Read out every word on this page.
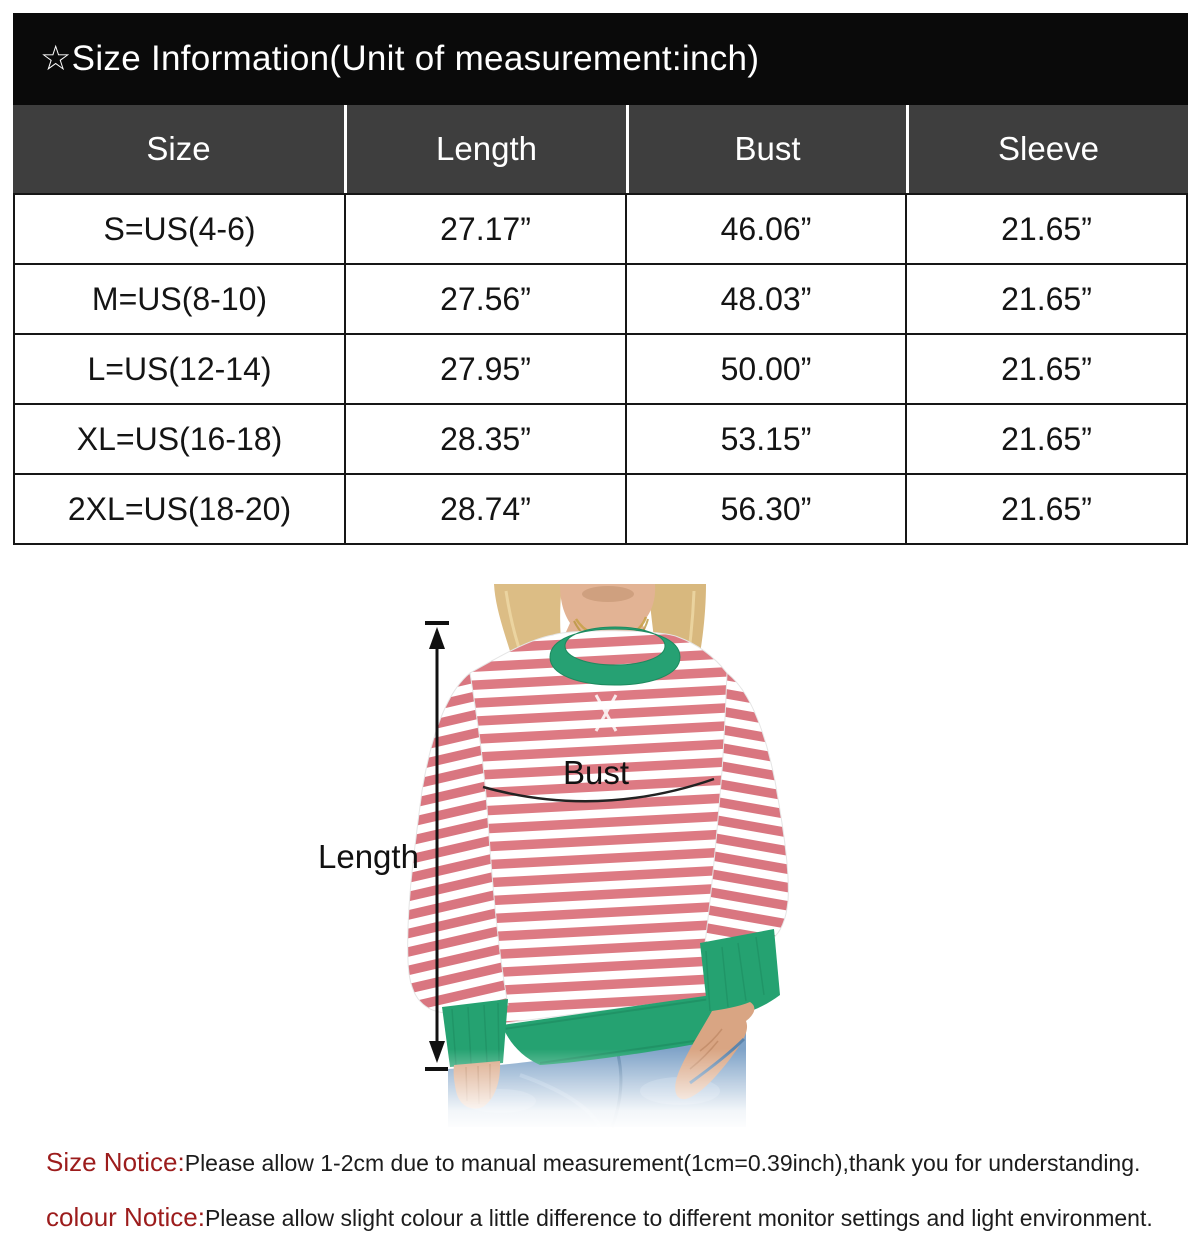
☆Size Information(Unit of measurement:inch)
Size	Length	Bust	Sleeve
S=US(4-6)	27.17”	46.06”	21.65”
M=US(8-10)	27.56”	48.03”	21.65”
L=US(12-14)	27.95”	50.00”	21.65”
XL=US(16-18)	28.35”	53.15”	21.65”
2XL=US(18-20)	28.74”	56.30”	21.65”
Length
Bust

Size Notice:Please allow 1-2cm due to manual measurement(1cm=0.39inch),thank you for understanding.

colour Notice:Please allow slight colour a little difference to different monitor settings and light environment.
